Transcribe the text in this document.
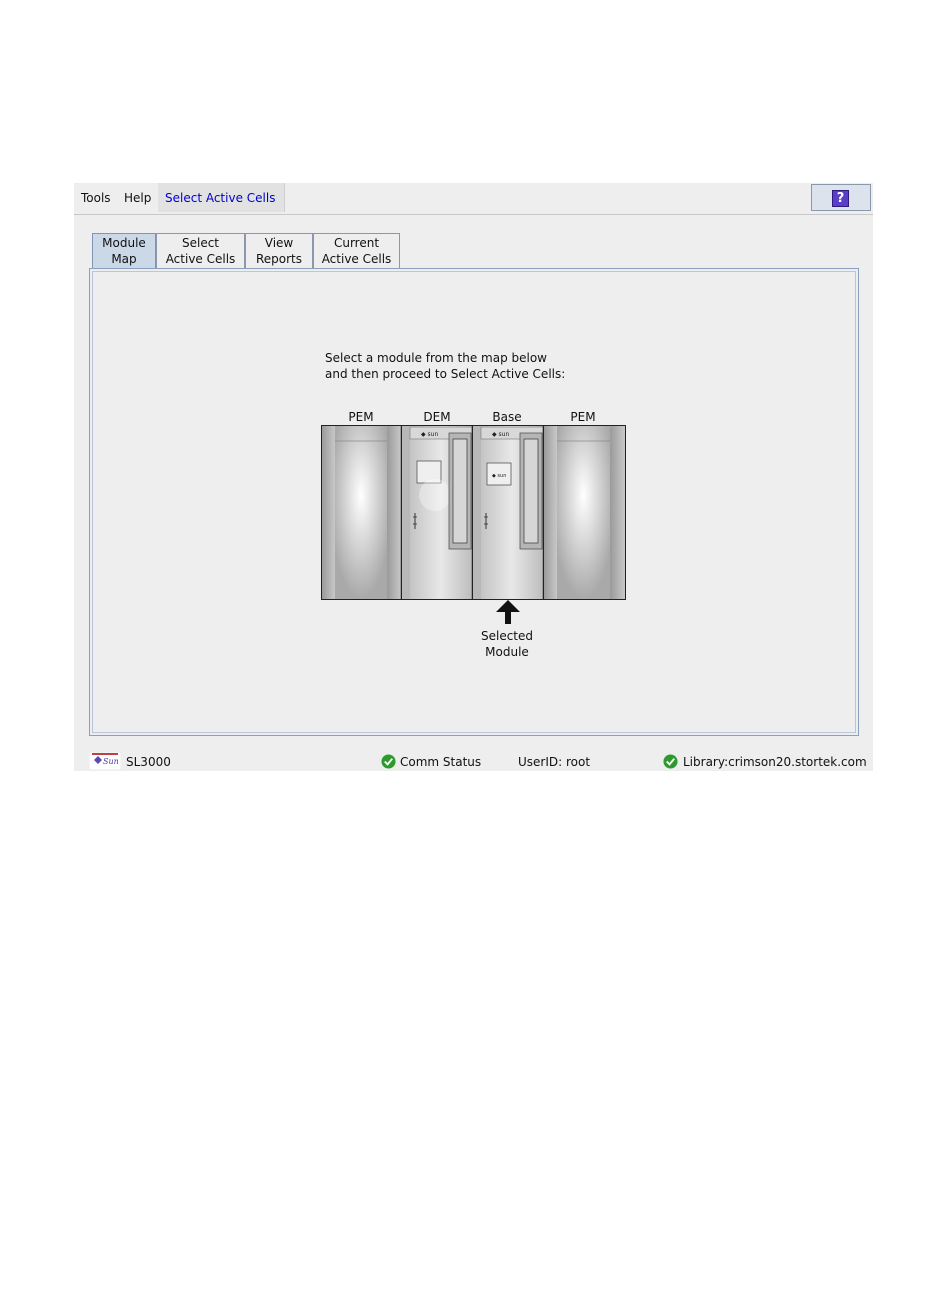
Tools Help Select Active Cells	?
Module
Map
Select
Active Cells
View
Reports
Current
Active Cells
Select a module from the map below
and then proceed to Select Active Cells:
PEM	DEM	Base	PEM
◆ sun	◆ sun
◆ sun
Selected
Module
Sun SL3000	Comm Status	UserID: root	Library:crimson20.stortek.com
